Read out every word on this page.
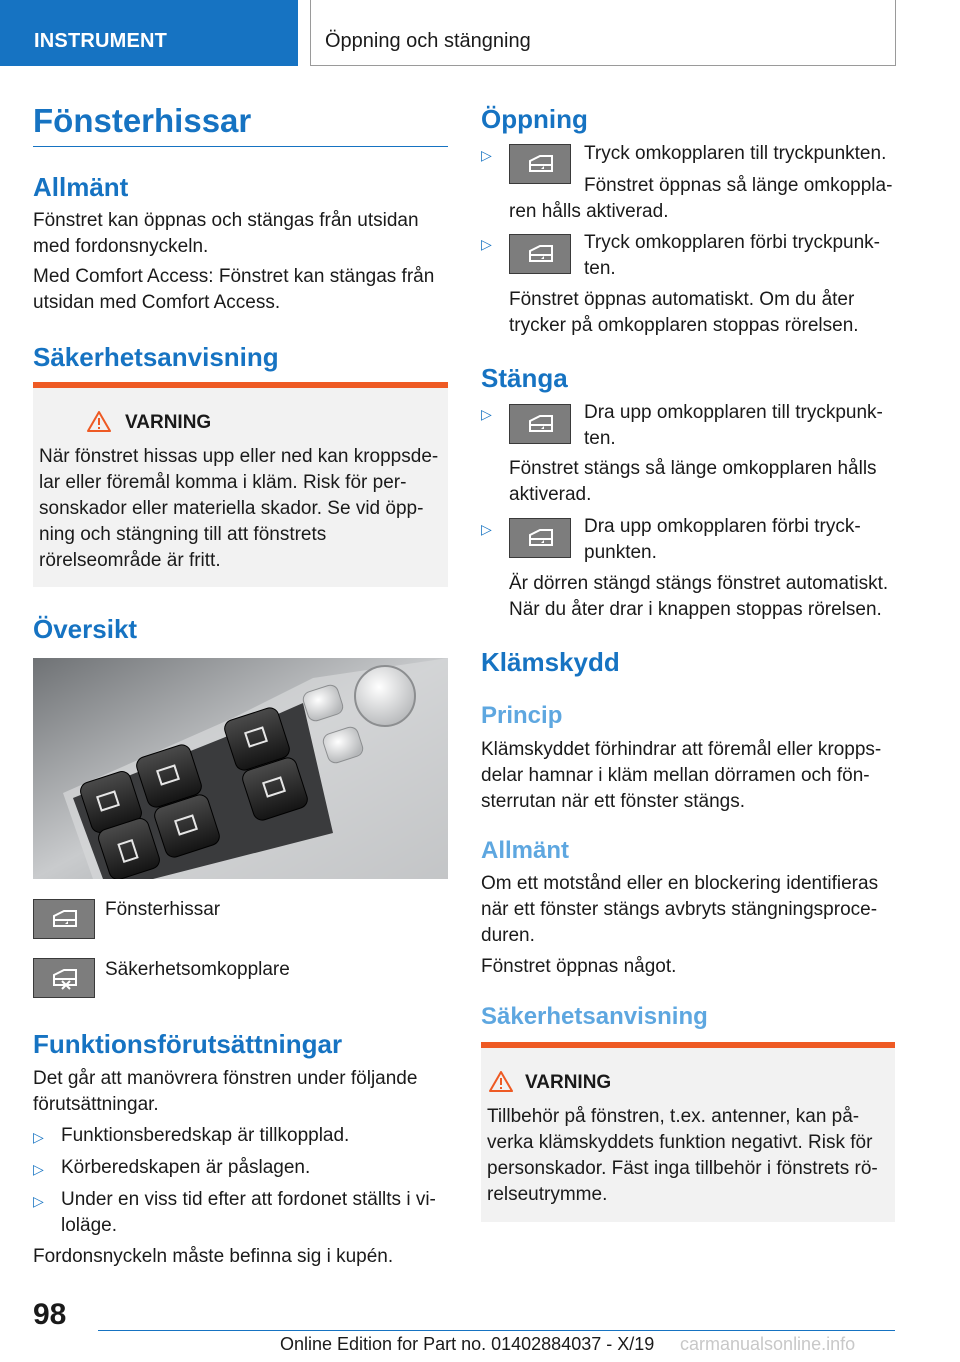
INSTRUMENT	Öppning och stängning
Fönsterhissar
Allmänt
Fönstret kan öppnas och stängas från utsidan
med fordonsnyckeln.
Med Comfort Access: Fönstret kan stängas från
utsidan med Comfort Access.
Säkerhetsanvisning
VARNING
När fönstret hissas upp eller ned kan kroppsde-
lar eller föremål komma i kläm. Risk för per-
sonskador eller materiella skador. Se vid öpp-
ning och stängning till att fönstrets
rörelseområde är fritt.
Översikt
Fönsterhissar
Säkerhetsomkopplare
Funktionsförutsättningar
Det går att manövrera fönstren under följande
förutsättningar.
▷ Funktionsberedskap är tillkopplad.
▷ Körberedskapen är påslagen.
▷ Under en viss tid efter att fordonet ställts i vi-
loläge.
Fordonsnyckeln måste befinna sig i kupén.
Öppning
▷	Tryck omkopplaren till tryckpunkten.
Fönstret öppnas så länge omkoppla-
ren hålls aktiverad.
▷	Tryck omkopplaren förbi tryckpunk-
ten.
Fönstret öppnas automatiskt. Om du åter
trycker på omkopplaren stoppas rörelsen.
Stänga
▷	Dra upp omkopplaren till tryckpunk-
ten.
Fönstret stängs så länge omkopplaren hålls
aktiverad.
▷	Dra upp omkopplaren förbi tryck-
punkten.
Är dörren stängd stängs fönstret automatiskt.
När du åter drar i knappen stoppas rörelsen.
Klämskydd
Princip
Klämskyddet förhindrar att föremål eller kropps-
delar hamnar i kläm mellan dörramen och fön-
sterrutan när ett fönster stängs.
Allmänt
Om ett motstånd eller en blockering identifieras
när ett fönster stängs avbryts stängningsproce-
duren.
Fönstret öppnas något.
Säkerhetsanvisning
VARNING
Tillbehör på fönstren, t.ex. antenner, kan på-
verka klämskyddets funktion negativt. Risk för
personskador. Fäst inga tillbehör i fönstrets rö-
relseutrymme.
98
Online Edition for Part no. 01402884037 - X/19 carmanualsonline.info
